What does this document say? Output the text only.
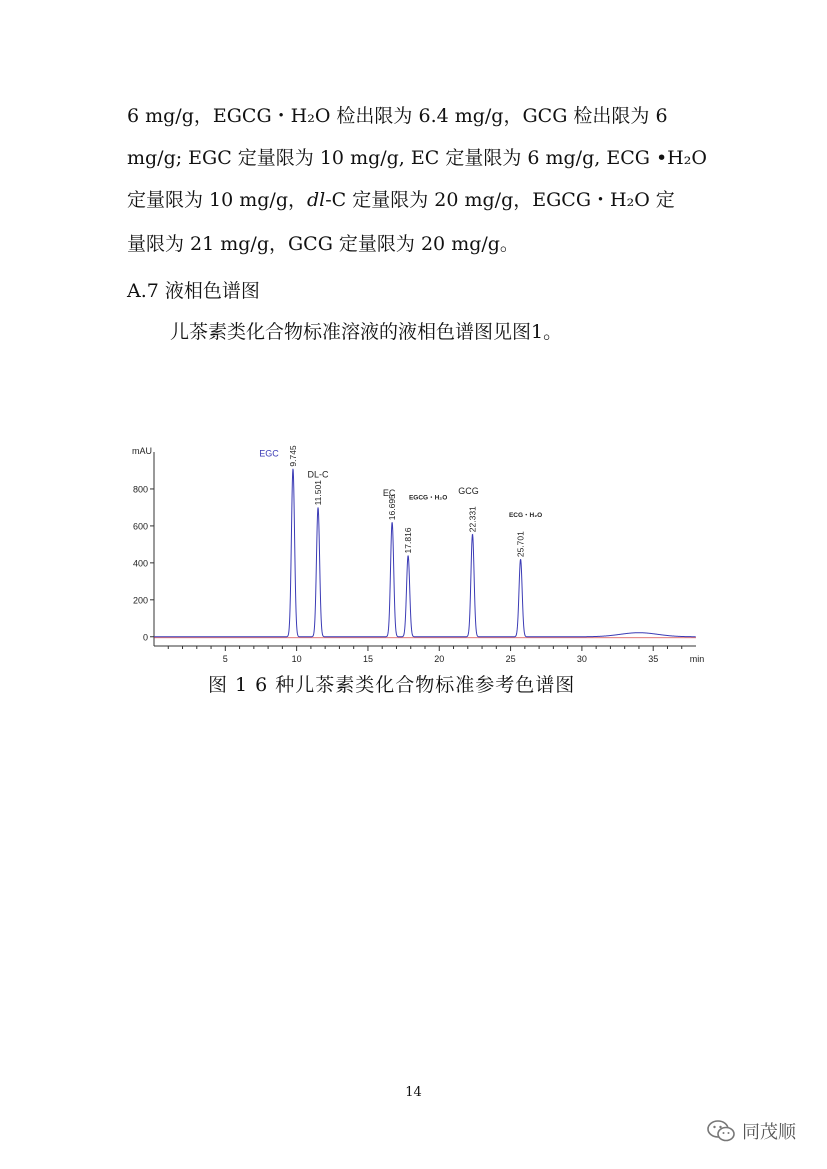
6 mg/g，EGCG・H₂O 检出限为 6.4 mg/g，GCG 检出限为 6
mg/g; EGC 定量限为 10 mg/g, EC 定量限为 6 mg/g, ECG •H₂O
定量限为 10 mg/g，dl-C 定量限为 20 mg/g，EGCG・H₂O 定
量限为 21 mg/g，GCG 定量限为 20 mg/g。
A.7 液相色谱图
儿茶素类化合物标准溶液的液相色谱图见图1。
0
200
400
600
800
5	10	15	20	25	30	35
mAU
min
9.745
EGC
11.501
DL-C
16.695
EC
17.816
EGCG・H₂O
22.331
GCG
25.701
ECG・H₂O
图 1 6 种儿茶素类化合物标准参考色谱图
14
同茂顺
